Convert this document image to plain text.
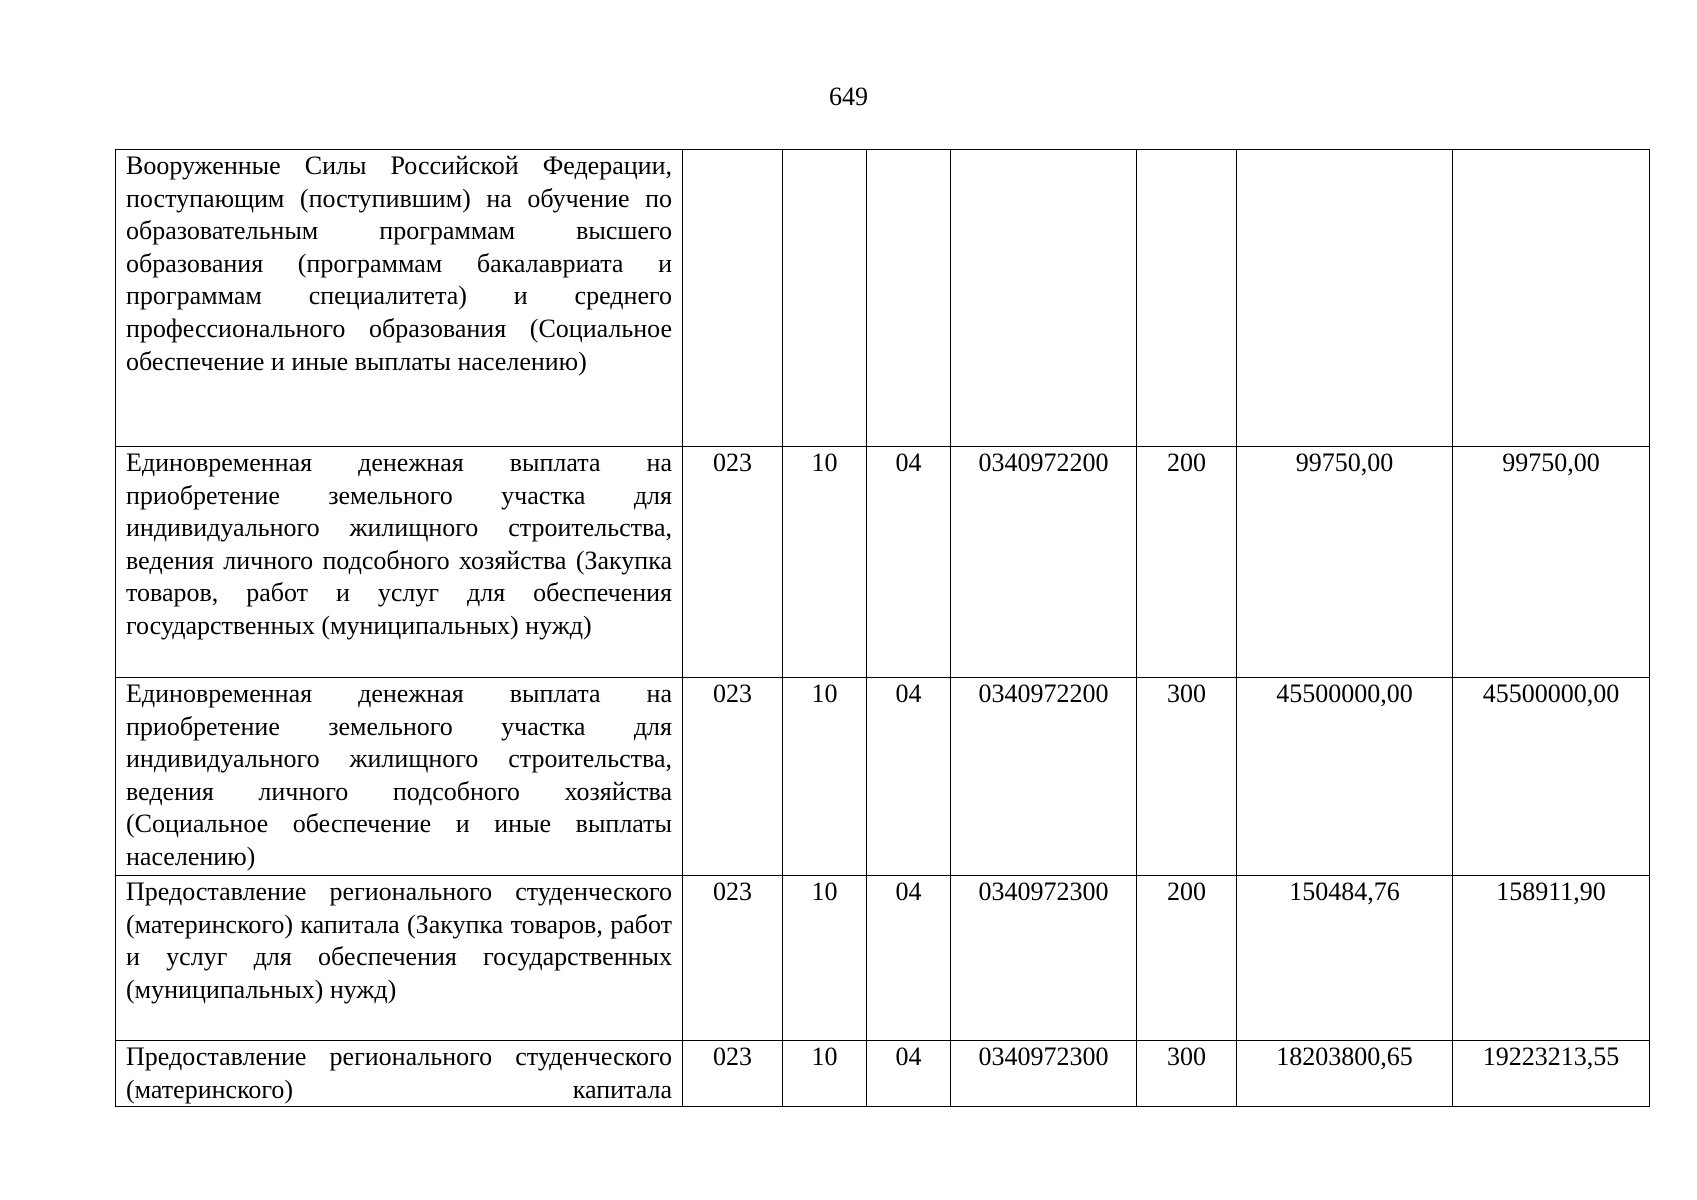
649
Вооруженные Силы Российской Федерации, поступающим (поступившим) на обучение по образовательным программам высшего образования (программам бакалавриата и программам специалитета) и среднего профессионального образования (Социальное обеспечение и иные выплаты населению)							
Единовременная денежная выплата на приобретение земельного участка для индивидуального жилищного строительства, ведения личного подсобного хозяйства (Закупка товаров, работ и услуг для обеспечения государственных (муниципальных) нужд)	023	10	04	0340972200	200	99750,00	99750,00
Единовременная денежная выплата на приобретение земельного участка для индивидуального жилищного строительства, ведения личного подсобного хозяйства (Социальное обеспечение и иные выплаты населению)	023	10	04	0340972200	300	45500000,00	45500000,00
Предоставление регионального студенческого (материнского) капитала (Закупка товаров, работ и услуг для обеспечения государственных (муниципальных) нужд)	023	10	04	0340972300	200	150484,76	158911,90
Предоставление регионального студенческого (материнского) капитала	023	10	04	0340972300	300	18203800,65	19223213,55
